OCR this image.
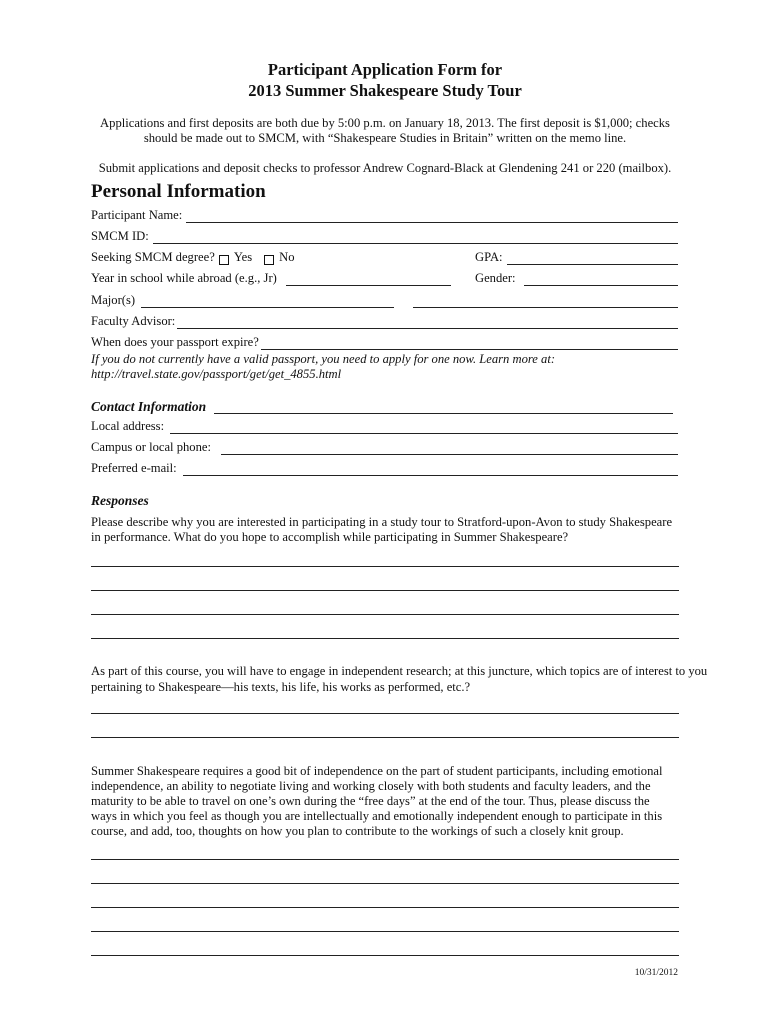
Participant Application Form for
2013 Summer Shakespeare Study Tour
Applications and first deposits are both due by 5:00 p.m. on January 18, 2013. The first deposit is $1,000; checks
should be made out to SMCM, with “Shakespeare Studies in Britain” written on the memo line.
Submit applications and deposit checks to professor Andrew Cognard-Black at Glendening 241 or 220 (mailbox).
Personal Information
Participant Name:
SMCM ID:
Seeking SMCM degree? Yes No	GPA:
Year in school while abroad (e.g., Jr)	Gender:
Major(s)
Faculty Advisor:
When does your passport expire?
If you do not currently have a valid passport, you need to apply for one now. Learn more at:
http://travel.state.gov/passport/get/get_4855.html
Contact Information
Local address:
Campus or local phone:
Preferred e-mail:
Responses
Please describe why you are interested in participating in a study tour to Stratford-upon-Avon to study Shakespeare
in performance. What do you hope to accomplish while participating in Summer Shakespeare?
As part of this course, you will have to engage in independent research; at this juncture, which topics are of interest to you
pertaining to Shakespeare—his texts, his life, his works as performed, etc.?
Summer Shakespeare requires a good bit of independence on the part of student participants, including emotional
independence, an ability to negotiate living and working closely with both students and faculty leaders, and the
maturity to be able to travel on one’s own during the “free days” at the end of the tour. Thus, please discuss the
ways in which you feel as though you are intellectually and emotionally independent enough to participate in this
course, and add, too, thoughts on how you plan to contribute to the workings of such a closely knit group.
10/31/2012
